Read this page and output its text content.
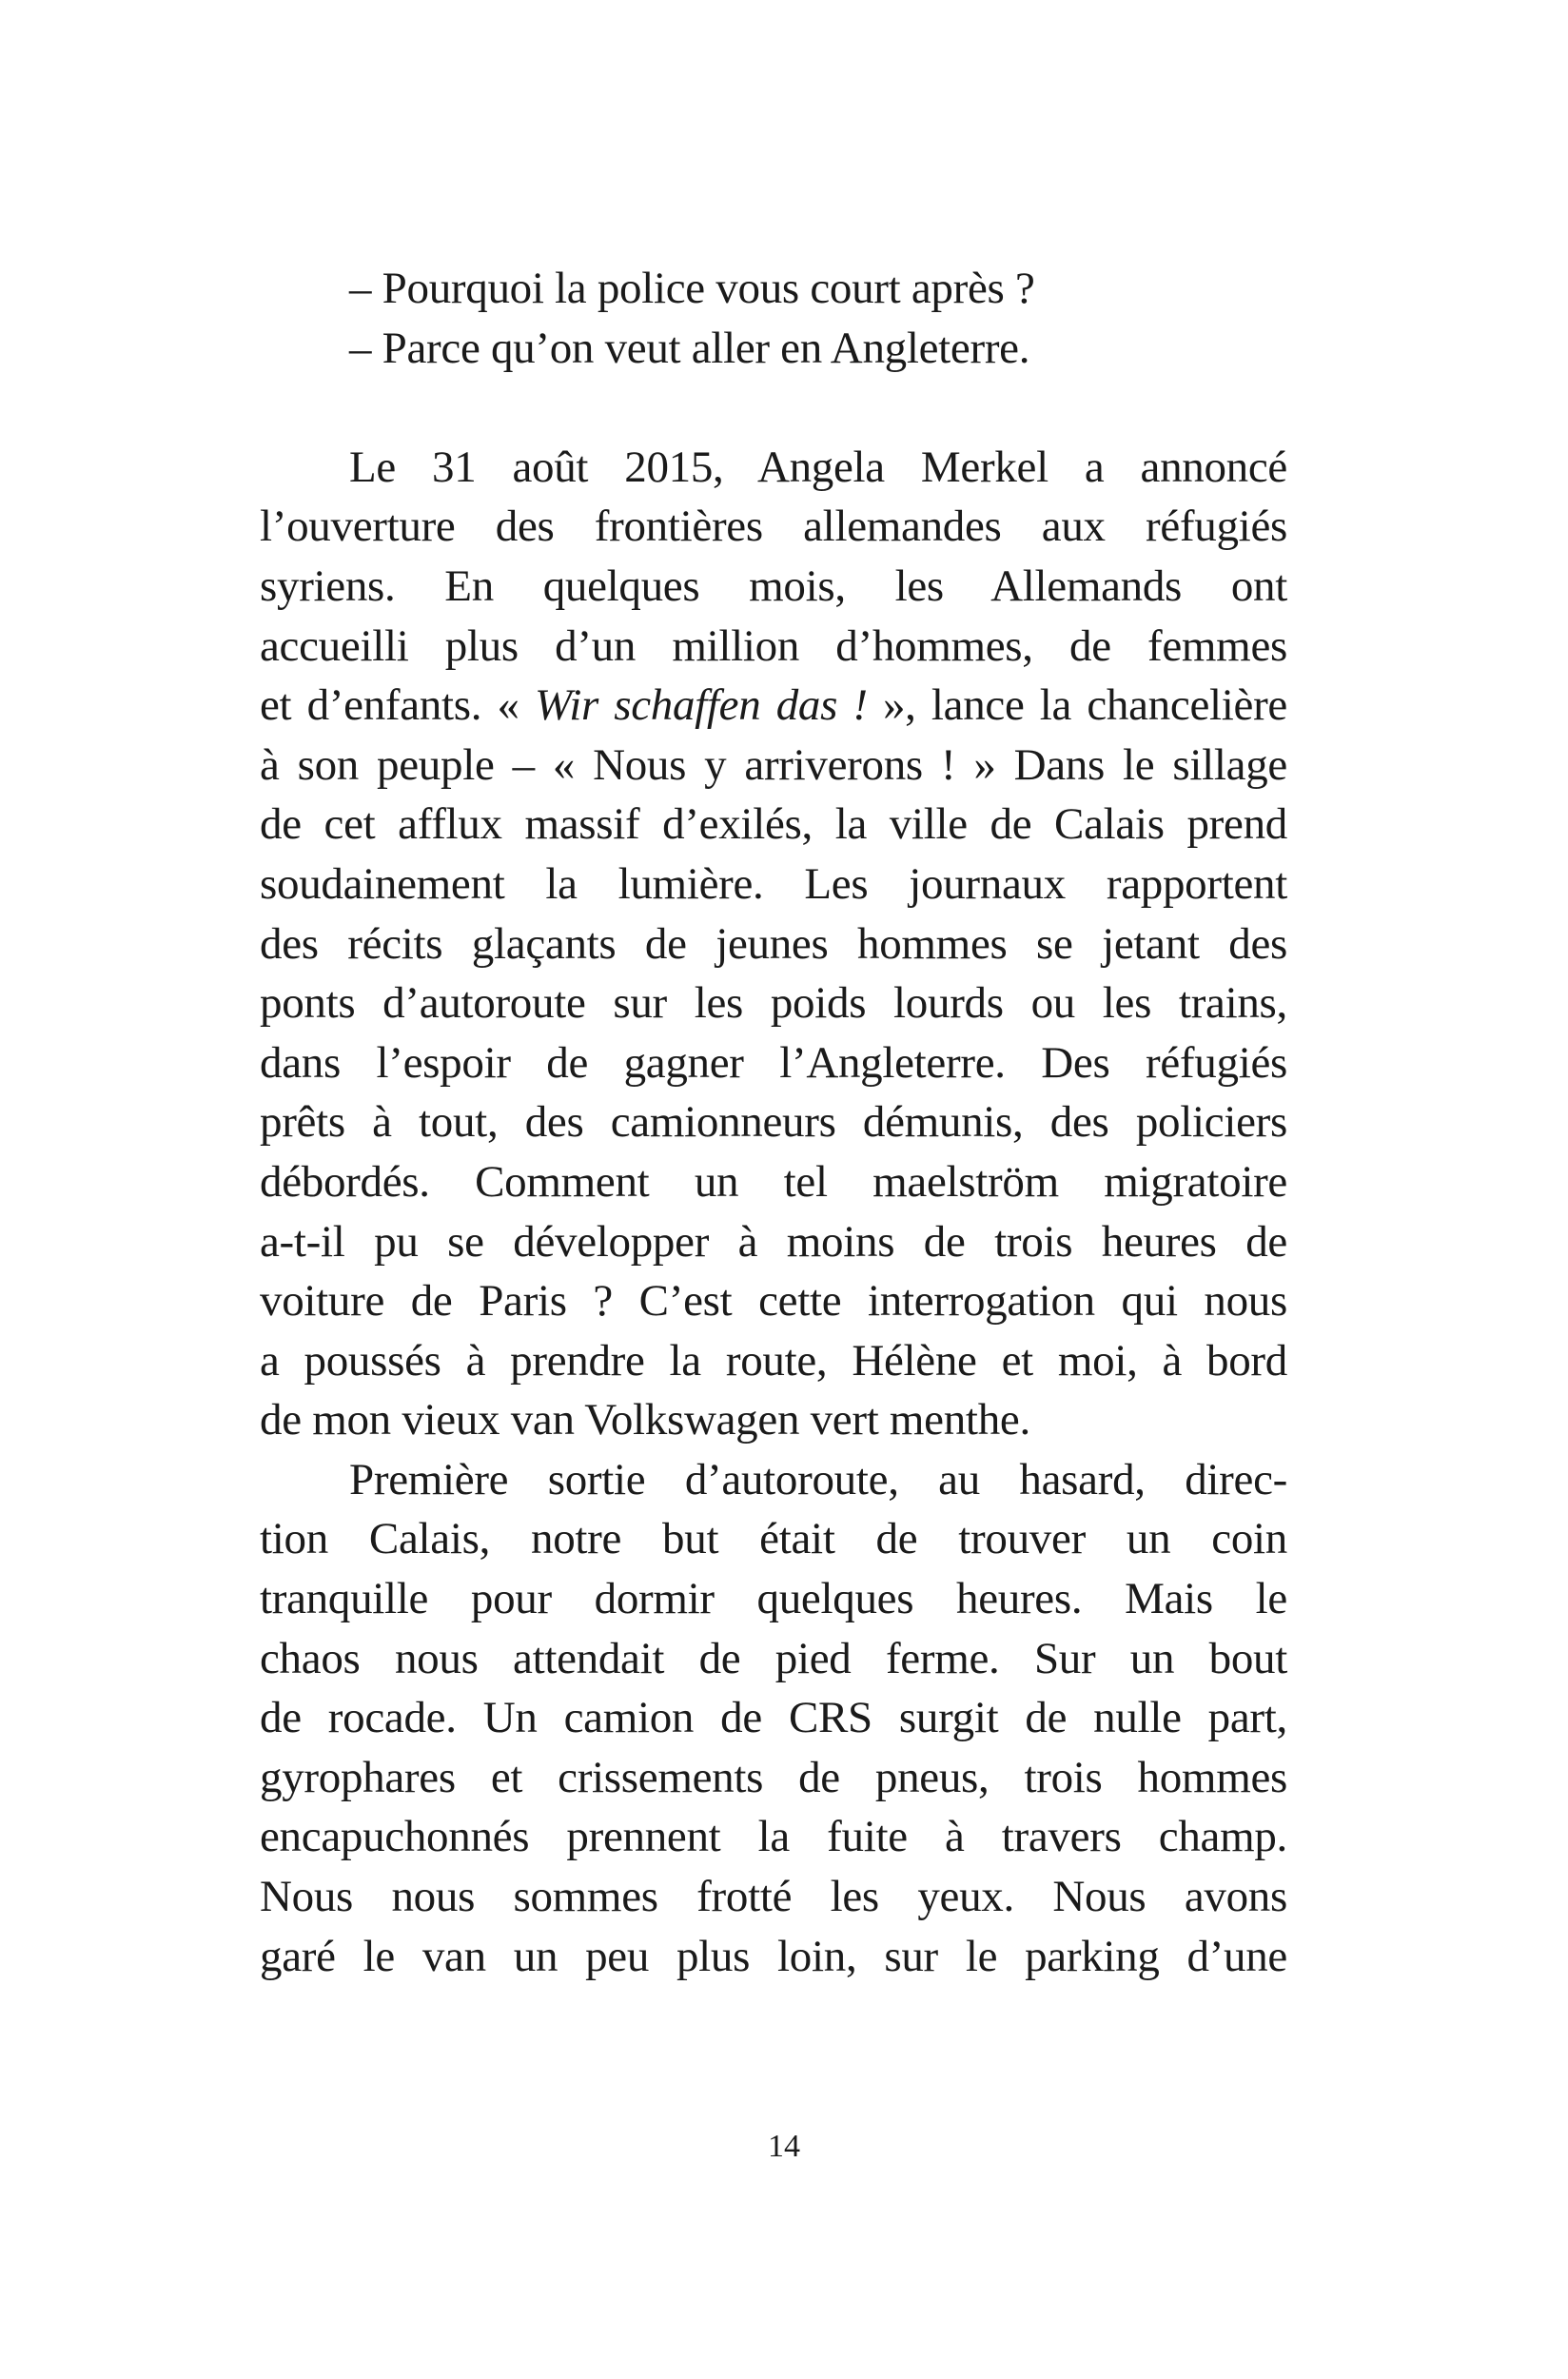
– Pourquoi la police vous court après ?
– Parce qu’on veut aller en Angleterre.
Le 31 août 2015, Angela Merkel a annoncé
l’ouverture des frontières allemandes aux réfugiés
syriens. En quelques mois, les Allemands ont
accueilli plus d’un million d’hommes, de femmes
et d’enfants. « Wir schaffen das ! », lance la chancelière
à son peuple – « Nous y arriverons ! » Dans le sillage
de cet afflux massif d’exilés, la ville de Calais prend
soudainement la lumière. Les journaux rapportent
des récits glaçants de jeunes hommes se jetant des
ponts d’autoroute sur les poids lourds ou les trains,
dans l’espoir de gagner l’Angleterre. Des réfugiés
prêts à tout, des camionneurs démunis, des policiers
débordés. Comment un tel maelström migratoire
a-t-il pu se développer à moins de trois heures de
voiture de Paris ? C’est cette interrogation qui nous
a poussés à prendre la route, Hélène et moi, à bord
de mon vieux van Volkswagen vert menthe.
Première sortie d’autoroute, au hasard, direc-
tion Calais, notre but était de trouver un coin
tranquille pour dormir quelques heures. Mais le
chaos nous attendait de pied ferme. Sur un bout
de rocade. Un camion de CRS surgit de nulle part,
gyrophares et crissements de pneus, trois hommes
encapuchonnés prennent la fuite à travers champ.
Nous nous sommes frotté les yeux. Nous avons
garé le van un peu plus loin, sur le parking d’une
14
